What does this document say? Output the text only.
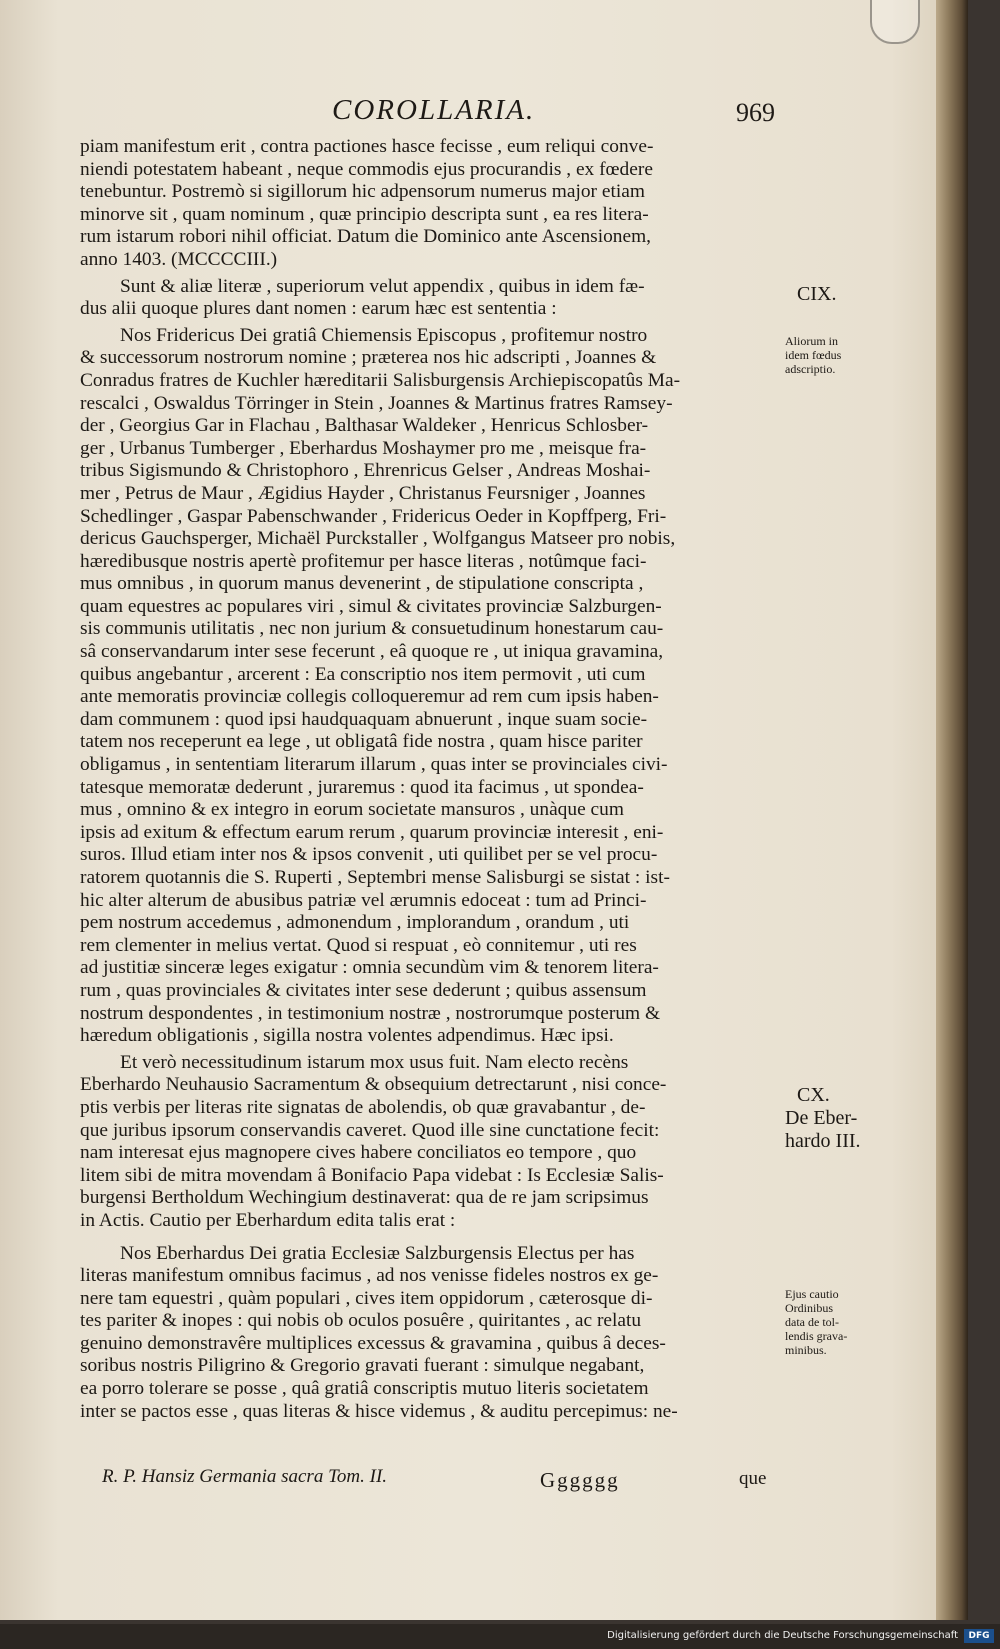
COROLLARIA.	969

piam manifestum erit , contra pactiones hasce fecisse , eum reliqui conve-
niendi potestatem habeant , neque commodis ejus procurandis , ex fœdere
tenebuntur. Postremò si sigillorum hic adpensorum numerus major etiam
minorve sit , quam nominum , quæ principio descripta sunt , ea res litera-
rum istarum robori nihil officiat. Datum die Dominico ante Ascensionem,
anno 1403. (MCCCCIII.)

Sunt & aliæ literæ , superiorum velut appendix , quibus in idem fæ-
dus alii quoque plures dant nomen : earum hæc est sententia :

Nos Fridericus Dei gratiâ Chiemensis Episcopus , profitemur nostro
& successorum nostrorum nomine ; præterea nos hic adscripti , Joannes &
Conradus fratres de Kuchler hæreditarii Salisburgensis Archiepiscopatûs Ma-
rescalci , Oswaldus Törringer in Stein , Joannes & Martinus fratres Ramsey-
der , Georgius Gar in Flachau , Balthasar Waldeker , Henricus Schlosber-
ger , Urbanus Tumberger , Eberhardus Moshaymer pro me , meisque fra-
tribus Sigismundo & Christophoro , Ehrenricus Gelser , Andreas Moshai-
mer , Petrus de Maur , Ægidius Hayder , Christanus Feursniger , Joannes
Schedlinger , Gaspar Pabenschwander , Fridericus Oeder in Kopffperg, Fri-
dericus Gauchsperger, Michaël Purckstaller , Wolfgangus Matseer pro nobis,
hæredibusque nostris apertè profitemur per hasce literas , notûmque faci-
mus omnibus , in quorum manus devenerint , de stipulatione conscripta ,
quam equestres ac populares viri , simul & civitates provinciæ Salzburgen-
sis communis utilitatis , nec non jurium & consuetudinum honestarum cau-
sâ conservandarum inter sese fecerunt , eâ quoque re , ut iniqua gravamina,
quibus angebantur , arcerent : Ea conscriptio nos item permovit , uti cum
ante memoratis provinciæ collegis colloqueremur ad rem cum ipsis haben-
dam communem : quod ipsi haudquaquam abnuerunt , inque suam socie-
tatem nos receperunt ea lege , ut obligatâ fide nostra , quam hisce pariter
obligamus , in sententiam literarum illarum , quas inter se provinciales civi-
tatesque memoratæ dederunt , juraremus : quod ita facimus , ut spondea-
mus , omnino & ex integro in eorum societate mansuros , unàque cum
ipsis ad exitum & effectum earum rerum , quarum provinciæ interesit , eni-
suros. Illud etiam inter nos & ipsos convenit , uti quilibet per se vel procu-
ratorem quotannis die S. Ruperti , Septembri mense Salisburgi se sistat : ist-
hic alter alterum de abusibus patriæ vel ærumnis edoceat : tum ad Princi-
pem nostrum accedemus , admonendum , implorandum , orandum , uti
rem clementer in melius vertat. Quod si respuat , eò connitemur , uti res
ad justitiæ sinceræ leges exigatur : omnia secundùm vim & tenorem litera-
rum , quas provinciales & civitates inter sese dederunt ; quibus assensum
nostrum despondentes , in testimonium nostræ , nostrorumque posterum &
hæredum obligationis , sigilla nostra volentes adpendimus. Hæc ipsi.

Et verò necessitudinum istarum mox usus fuit. Nam electo recèns
Eberhardo Neuhausio Sacramentum & obsequium detrectarunt , nisi conce-
ptis verbis per literas rite signatas de abolendis, ob quæ gravabantur , de-
que juribus ipsorum conservandis caveret. Quod ille sine cunctatione fecit:
nam interesat ejus magnopere cives habere conciliatos eo tempore , quo
litem sibi de mitra movendam â Bonifacio Papa videbat : Is Ecclesiæ Salis-
burgensi Bertholdum Wechingium destinaverat: qua de re jam scripsimus
in Actis. Cautio per Eberhardum edita talis erat :

Nos Eberhardus Dei gratia Ecclesiæ Salzburgensis Electus per has
literas manifestum omnibus facimus , ad nos venisse fideles nostros ex ge-
nere tam equestri , quàm populari , cives item oppidorum , cæterosque di-
tes pariter & inopes : qui nobis ob oculos posuêre , quiritantes , ac relatu
genuino demonstravêre multiplices excessus & gravamina , quibus â deces-
soribus nostris Piligrino & Gregorio gravati fuerant : simulque negabant,
ea porro tolerare se posse , quâ gratiâ conscriptis mutuo literis societatem
inter se pactos esse , quas literas & hisce videmus , & auditu percepimus: ne-

CIX.
Aliorum in
idem fœdus
adscriptio.
CX.
De Eber-
hardo III.
Ejus cautio
Ordinibus
data de tol-
lendis grava-
minibus.
R. P. Hansiz Germania sacra Tom. II.	Gggggg	que
Digitalisierung gefördert durch die Deutsche Forschungsgemeinschaft	DFG
